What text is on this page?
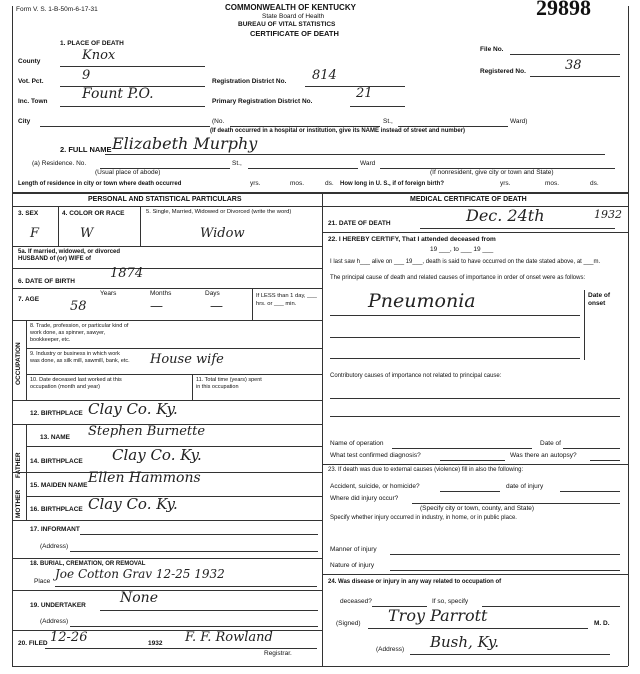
Form V. S. 1-B-50m-6-17-31	COMMONWEALTH OF KENTUCKY
State Board of Health
BUREAU OF VITAL STATISTICS
CERTIFICATE OF DEATH
29898
File No.
Registered No.	38
1. PLACE OF DEATH
County	Knox
Vot. Pct.	9	Registration District No. 814
Inc. Town Fount P.O.	Primary Registration District No.
21
City	(No.	St.,	Ward)
(If death occurred in a hospital or institution, give its NAME instead of street and number)
2. FULL NAME Elizabeth Murphy
(a) Residence. No.	St.,	Ward
(Usual place of abode)	(If nonresident, give city or town and State)
Length of residence in city or town where death occurred	yrs.	mos.	ds. How long in U. S., if of foreign birth?	yrs.	mos.	ds.
PERSONAL AND STATISTICAL PARTICULARS	MEDICAL CERTIFICATE OF DEATH
3. SEX
F
4. COLOR OR RACE
W
5. Single, Married, Widowed or Divorced (write the word)
Widow
5a. If married, widowed, or divorced HUSBAND of (or) WIFE of
6. DATE OF BIRTH
1874
7. AGE
Years	Months	Days
58	—	—
If LESS than 1 day, ___ hrs. or ___ min.
OCCUPATION
8. Trade, profession, or particular kind of work done, as spinner, sawyer, bookkeeper, etc.
9. Industry or business in which work was done, as silk mill, sawmill, bank, etc. House wife
10. Date deceased last worked at this occupation (month and year)
11. Total time (years) spent in this occupation
12. BIRTHPLACE Clay Co. Ky.
FATHER
13. NAME Stephen Burnette
14. BIRTHPLACE Clay Co. Ky.
MOTHER
15. MAIDEN NAME Ellen Hammons
16. BIRTHPLACE Clay Co. Ky.
17. INFORMANT
(Address)
18. BURIAL, CREMATION, OR REMOVAL
Place
Joe Cotton Grav 12-25 1932
19. UNDERTAKER None
(Address)
20. FILED 12-26	1932 F. F. Rowland
Registrar.
21. DATE OF DEATH	Dec. 24th	1932
22. I HEREBY CERTIFY, That I attended deceased from
19 ___, to ___ 19 ___
I last saw h___ alive on ___ 19___, death is said to have occurred on the date stated above, at ___m.
The principal cause of death and related causes of importance in order of onset were as follows:
Date of onset
Pneumonia
Contributory causes of importance not related to principal cause:
Name of operation	Date of
What test confirmed diagnosis?	Was there an autopsy?
23. If death was due to external causes (violence) fill in also the following:
Accident, suicide, or homicide?	date of injury
Where did injury occur?
(Specify city or town, county, and State)
Specify whether injury occurred in industry, in home, or in public place.
Manner of injury
Nature of injury
24. Was disease or injury in any way related to occupation of
deceased?	If so, specify
(Signed) Troy Parrott	M. D.
(Address) Bush, Ky.
